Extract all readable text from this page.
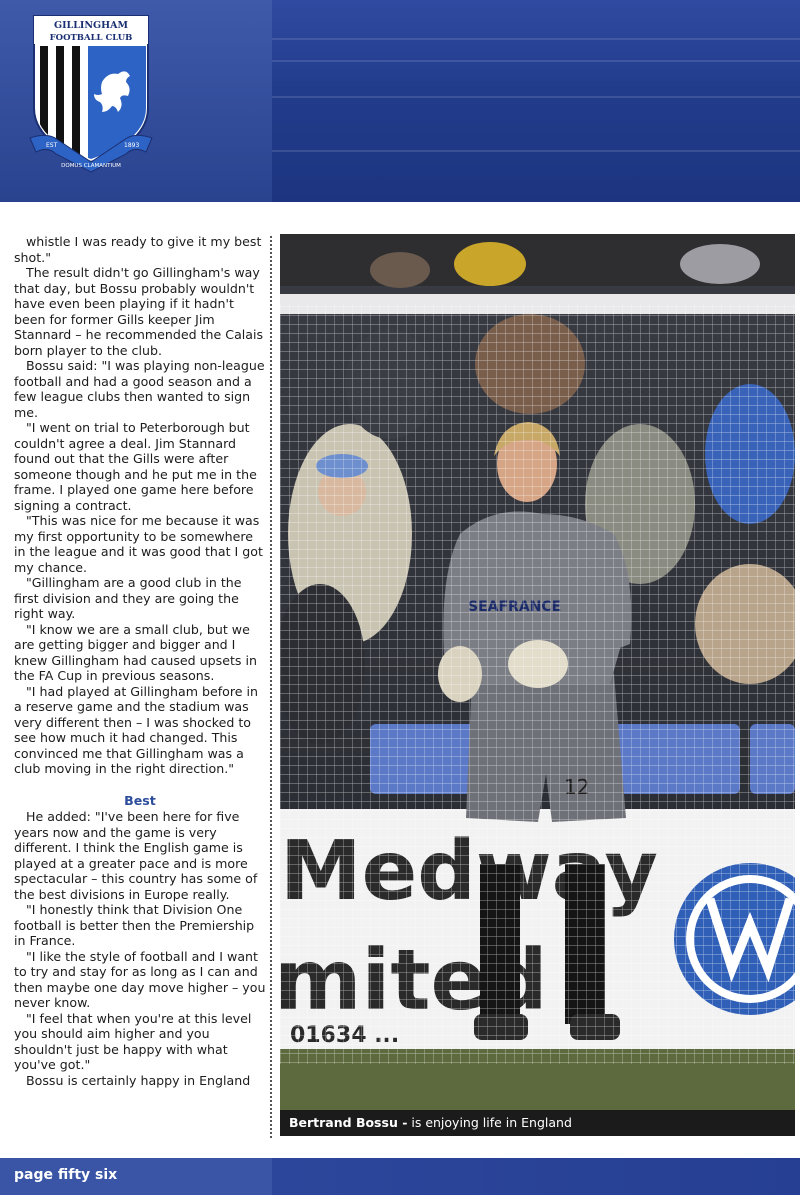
GILLINGHAM
FOOTBALL CLUB
EST	1893
DOMUS CLAMANTIUM

whistle I was ready to give it my best shot."

The result didn't go Gillingham's way that day, but Bossu probably wouldn't have even been playing if it hadn't been for former Gills keeper Jim Stannard – he recommended the Calais born player to the club.

Bossu said: "I was playing non-league football and had a good season and a few league clubs then wanted to sign me.

"I went on trial to Peterborough but couldn't agree a deal. Jim Stannard found out that the Gills were after someone though and he put me in the frame. I played one game here before signing a contract.

"This was nice for me because it was my first opportunity to be somewhere in the league and it was good that I got my chance.

"Gillingham are a good club in the first division and they are going the right way.

"I know we are a small club, but we are getting bigger and bigger and I knew Gillingham had caused upsets in the FA Cup in previous seasons.

"I had played at Gillingham before in a reserve game and the stadium was very different then – I was shocked to see how much it had changed. This convinced me that Gillingham was a club moving in the right direction."

Best

He added: "I've been here for five years now and the game is very different. I think the English game is played at a greater pace and is more spectacular – this country has some of the best divisions in Europe really.

"I honestly think that Division One football is better then the Premiership in France.

"I like the style of football and I want to try and stay for as long as I can and then maybe one day move higher – you never know.

"I feel that when you're at this level you should aim higher and you shouldn't just be happy with what you've got."

Bossu is certainly happy in England

Bertrand Bossu - is enjoying life in England
page fifty six
